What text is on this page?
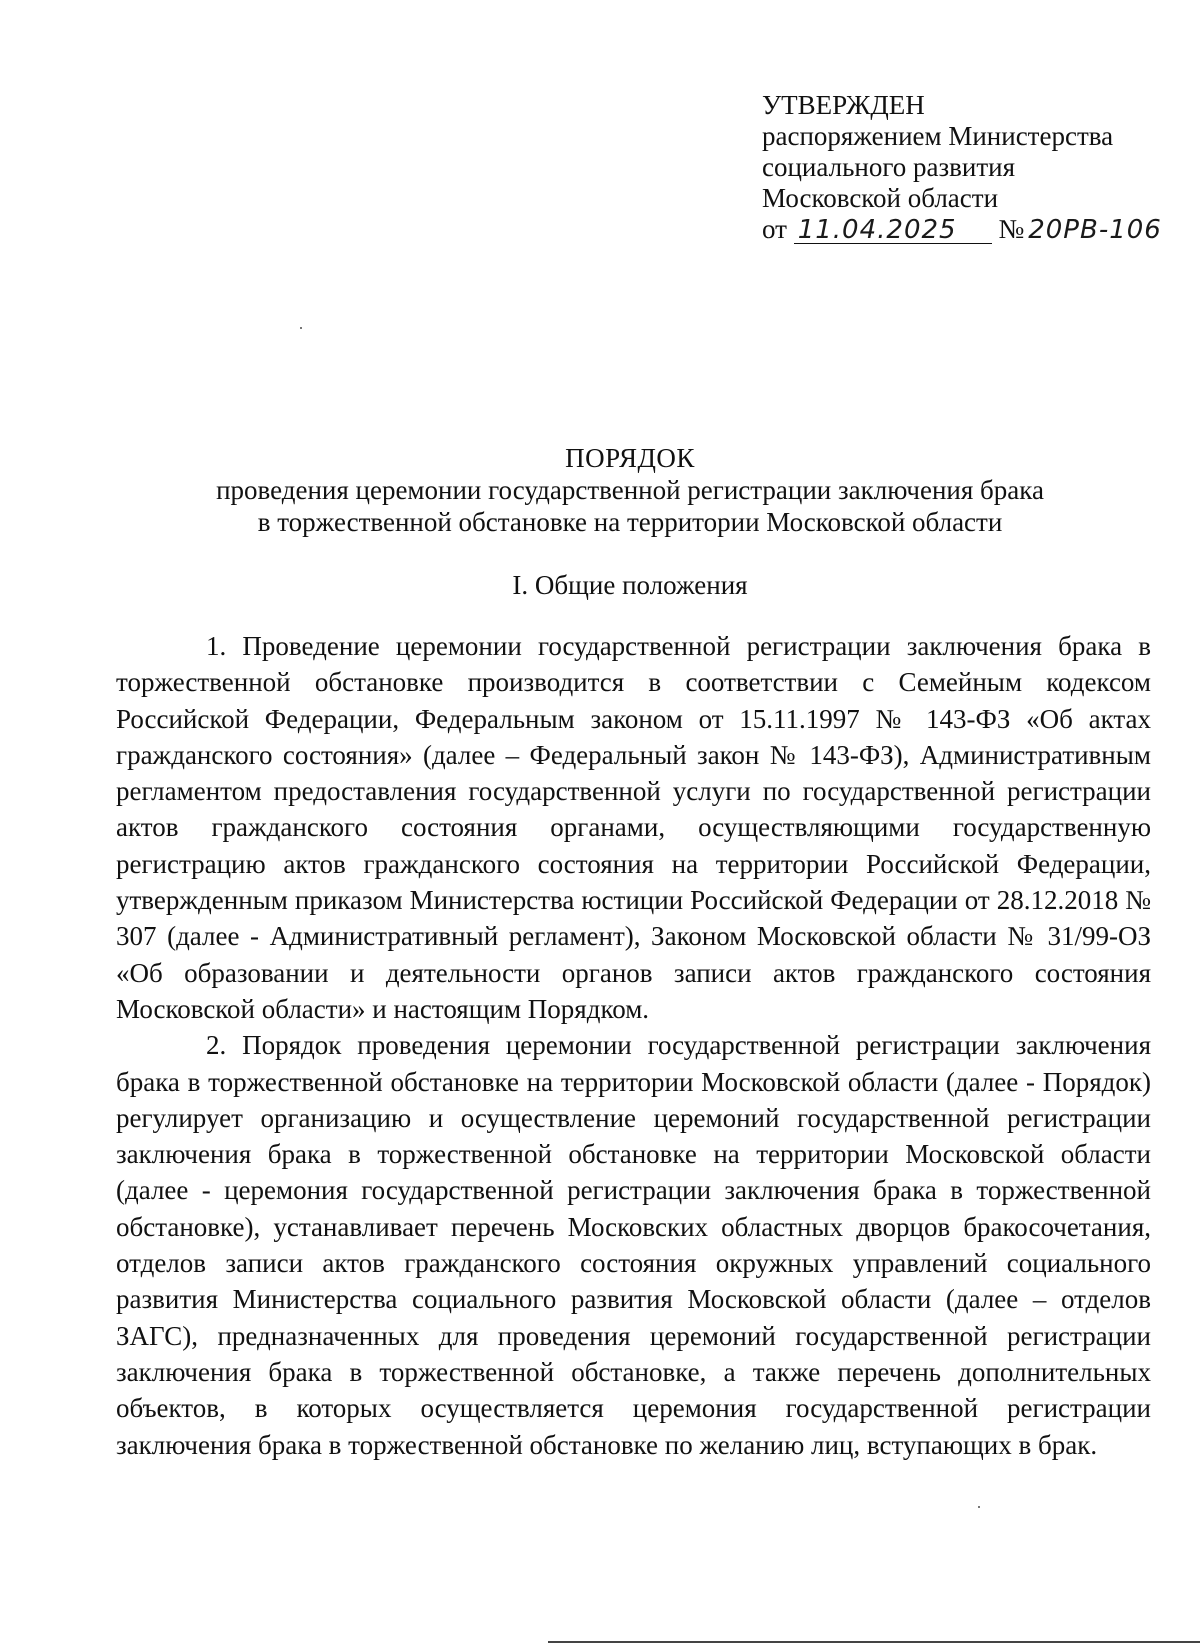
УТВЕРЖДЕН
распоряжением Министерства
социального развития
Московской области
от 11.04.2025 № 20РВ-106
ПОРЯДОК
проведения церемонии государственной регистрации заключения брака
в торжественной обстановке на территории Московской области
I. Общие положения

1. Проведение церемонии государственной регистрации заключения брака в торжественной обстановке производится в соответствии с Семейным кодексом Российской Федерации, Федеральным законом от 15.11.1997 № 143-ФЗ «Об актах гражданского состояния» (далее – Федеральный закон № 143-ФЗ), Административным регламентом предоставления государственной услуги по государственной регистрации актов гражданского состояния органами, осуществляющими государственную регистрацию актов гражданского состояния на территории Российской Федерации, утвержденным приказом Министерства юстиции Российской Федерации от 28.12.2018 № 307 (далее - Административный регламент), Законом Московской области № 31/99-ОЗ «Об образовании и деятельности органов записи актов гражданского состояния Московской области» и настоящим Порядком.

2. Порядок проведения церемонии государственной регистрации заключения брака в торжественной обстановке на территории Московской области (далее - Порядок) регулирует организацию и осуществление церемоний государственной регистрации заключения брака в торжественной обстановке на территории Московской области (далее - церемония государственной регистрации заключения брака в торжественной обстановке), устанавливает перечень Московских областных дворцов бракосочетания, отделов записи актов гражданского состояния окружных управлений социального развития Министерства социального развития Московской области (далее – отделов ЗАГС), предназначенных для проведения церемоний государственной регистрации заключения брака в торжественной обстановке, а также перечень дополнительных объектов, в которых осуществляется церемония государственной регистрации заключения брака в торжественной обстановке по желанию лиц, вступающих в брак.
